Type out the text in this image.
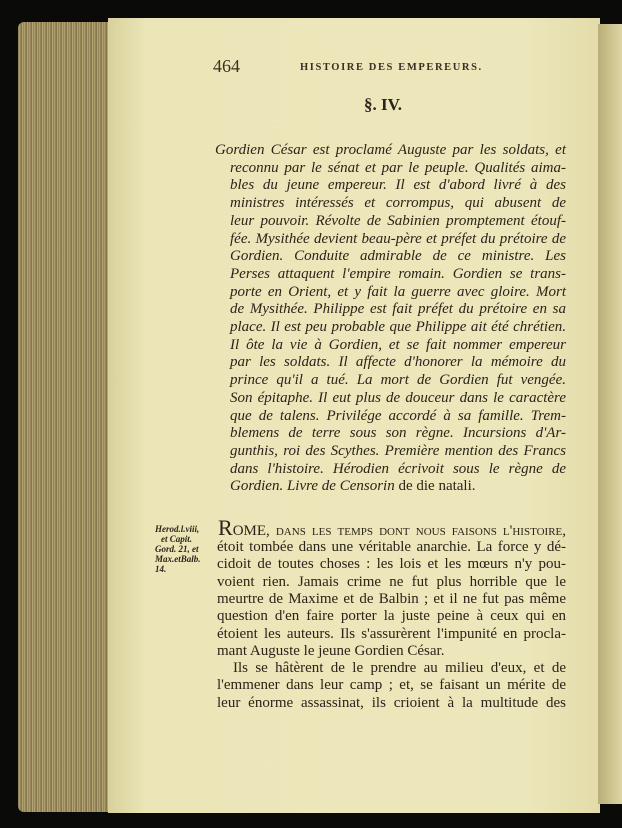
464	HISTOIRE DES EMPEREURS.
§. IV.
Gordien César est proclamé Auguste par les soldats, et
reconnu par le sénat et par le peuple. Qualités aima-
bles du jeune empereur. Il est d'abord livré à des
ministres intéressés et corrompus, qui abusent de
leur pouvoir. Révolte de Sabinien promptement étouf-
fée. Mysithée devient beau-père et préfet du prétoire de
Gordien. Conduite admirable de ce ministre. Les
Perses attaquent l'empire romain. Gordien se trans-
porte en Orient, et y fait la guerre avec gloire. Mort
de Mysithée. Philippe est fait préfet du prétoire en sa
place. Il est peu probable que Philippe ait été chrétien.
Il ôte la vie à Gordien, et se fait nommer empereur
par les soldats. Il affecte d'honorer la mémoire du
prince qu'il a tué. La mort de Gordien fut vengée.
Son épitaphe. Il eut plus de douceur dans le caractère
que de talens. Privilége accordé à sa famille. Trem-
blemens de terre sous son règne. Incursions d'Ar-
gunthis, roi des Scythes. Première mention des Francs
dans l'histoire. Hérodien écrivoit sous le règne de
Gordien. Livre de Censorin de die natali.
Herod.l.viii,
et Capit.
Gord. 21, et
Max.etBalb.
14.
ROME, dans les temps dont nous faisons l'histoire,
étoit tombée dans une véritable anarchie. La force y dé-
cidoit de toutes choses : les lois et les mœurs n'y pou-
voient rien. Jamais crime ne fut plus horrible que le
meurtre de Maxime et de Balbin ; et il ne fut pas même
question d'en faire porter la juste peine à ceux qui en
étoient les auteurs. Ils s'assurèrent l'impunité en procla-
mant Auguste le jeune Gordien César.
Ils se hâtèrent de le prendre au milieu d'eux, et de
l'emmener dans leur camp ; et, se faisant un mérite de
leur énorme assassinat, ils crioient à la multitude des
